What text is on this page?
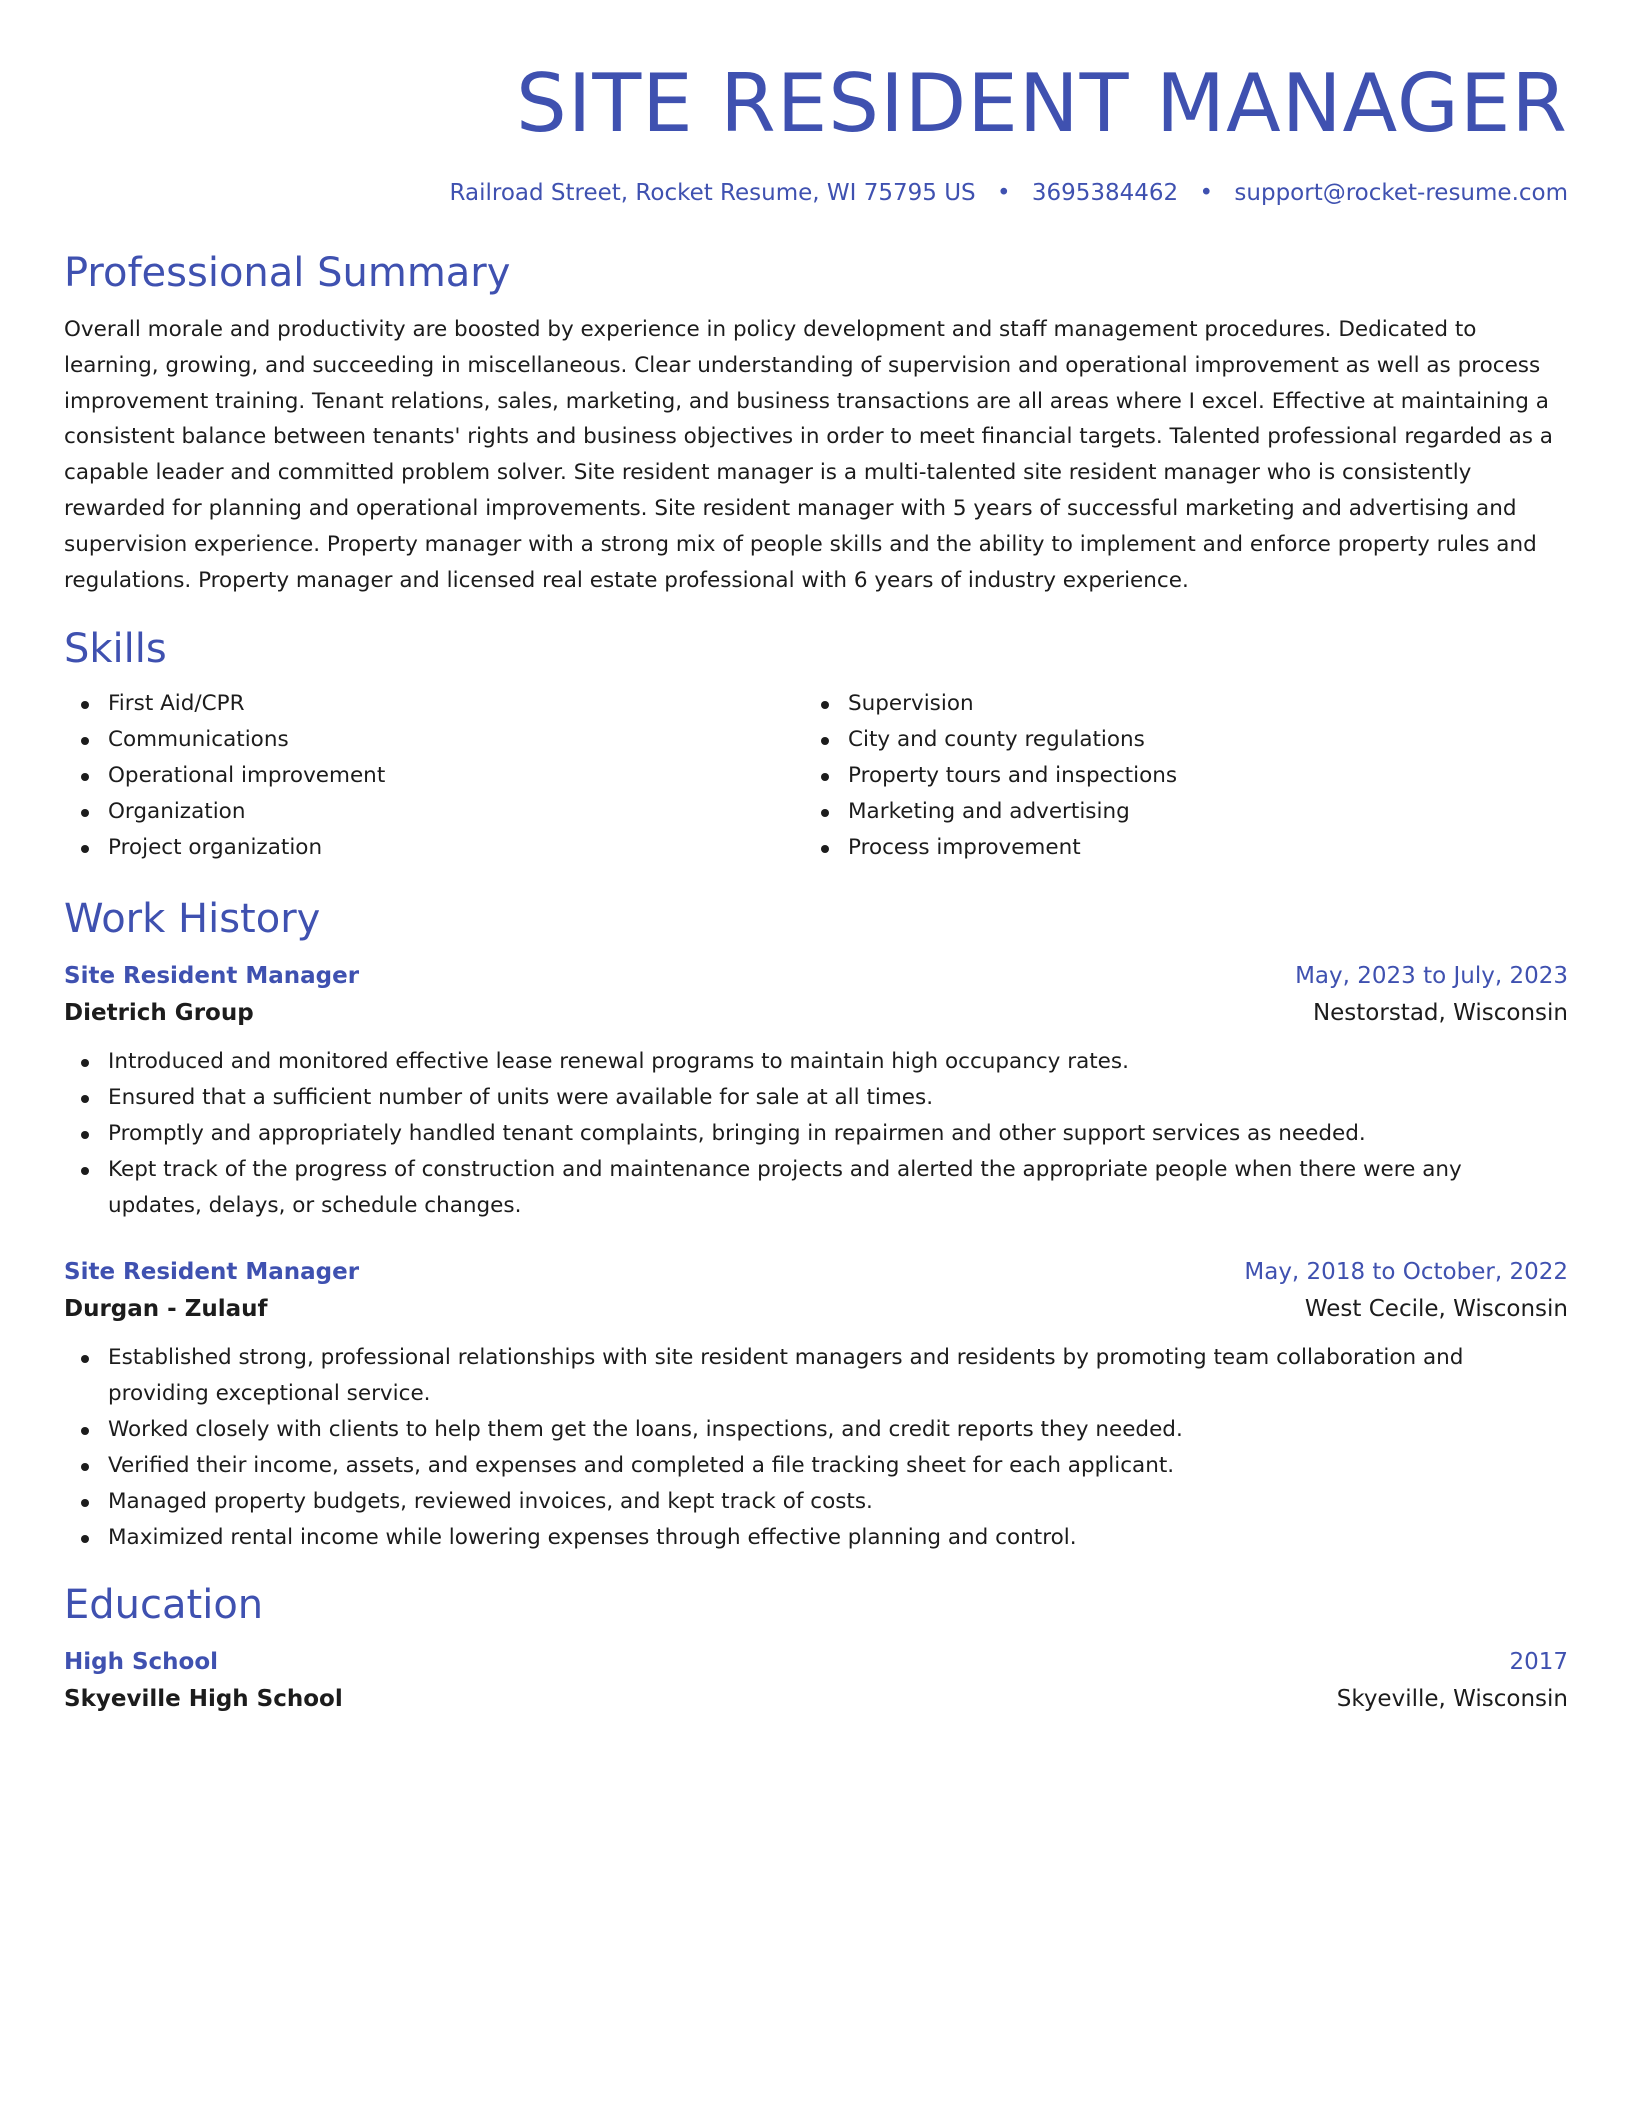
SITE RESIDENT MANAGER
Railroad Street, Rocket Resume, WI 75795 US • 3695384462 • support@rocket-resume.com
Professional Summary
Overall morale and productivity are boosted by experience in policy development and staff management procedures. Dedicated to learning, growing, and succeeding in miscellaneous. Clear understanding of supervision and operational improvement as well as process improvement training. Tenant relations, sales, marketing, and business transactions are all areas where I excel. Effective at maintaining a consistent balance between tenants' rights and business objectives in order to meet financial targets. Talented professional regarded as a capable leader and committed problem solver. Site resident manager is a multi-talented site resident manager who is consistently rewarded for planning and operational improvements. Site resident manager with 5 years of successful marketing and advertising and supervision experience. Property manager with a strong mix of people skills and the ability to implement and enforce property rules and regulations. Property manager and licensed real estate professional with 6 years of industry experience.
Skills
First Aid/CPR
Communications
Operational improvement
Organization
Project organization
Supervision
City and county regulations
Property tours and inspections
Marketing and advertising
Process improvement
Work History
Site Resident Manager	May, 2023 to July, 2023
Dietrich Group	Nestorstad, Wisconsin
Introduced and monitored effective lease renewal programs to maintain high occupancy rates.
Ensured that a sufficient number of units were available for sale at all times.
Promptly and appropriately handled tenant complaints, bringing in repairmen and other support services as needed.
Kept track of the progress of construction and maintenance projects and alerted the appropriate people when there were any updates, delays, or schedule changes.
Site Resident Manager	May, 2018 to October, 2022
Durgan - Zulauf	West Cecile, Wisconsin
Established strong, professional relationships with site resident managers and residents by promoting team collaboration and providing exceptional service.
Worked closely with clients to help them get the loans, inspections, and credit reports they needed.
Verified their income, assets, and expenses and completed a file tracking sheet for each applicant.
Managed property budgets, reviewed invoices, and kept track of costs.
Maximized rental income while lowering expenses through effective planning and control.
Education
High School	2017
Skyeville High School	Skyeville, Wisconsin
